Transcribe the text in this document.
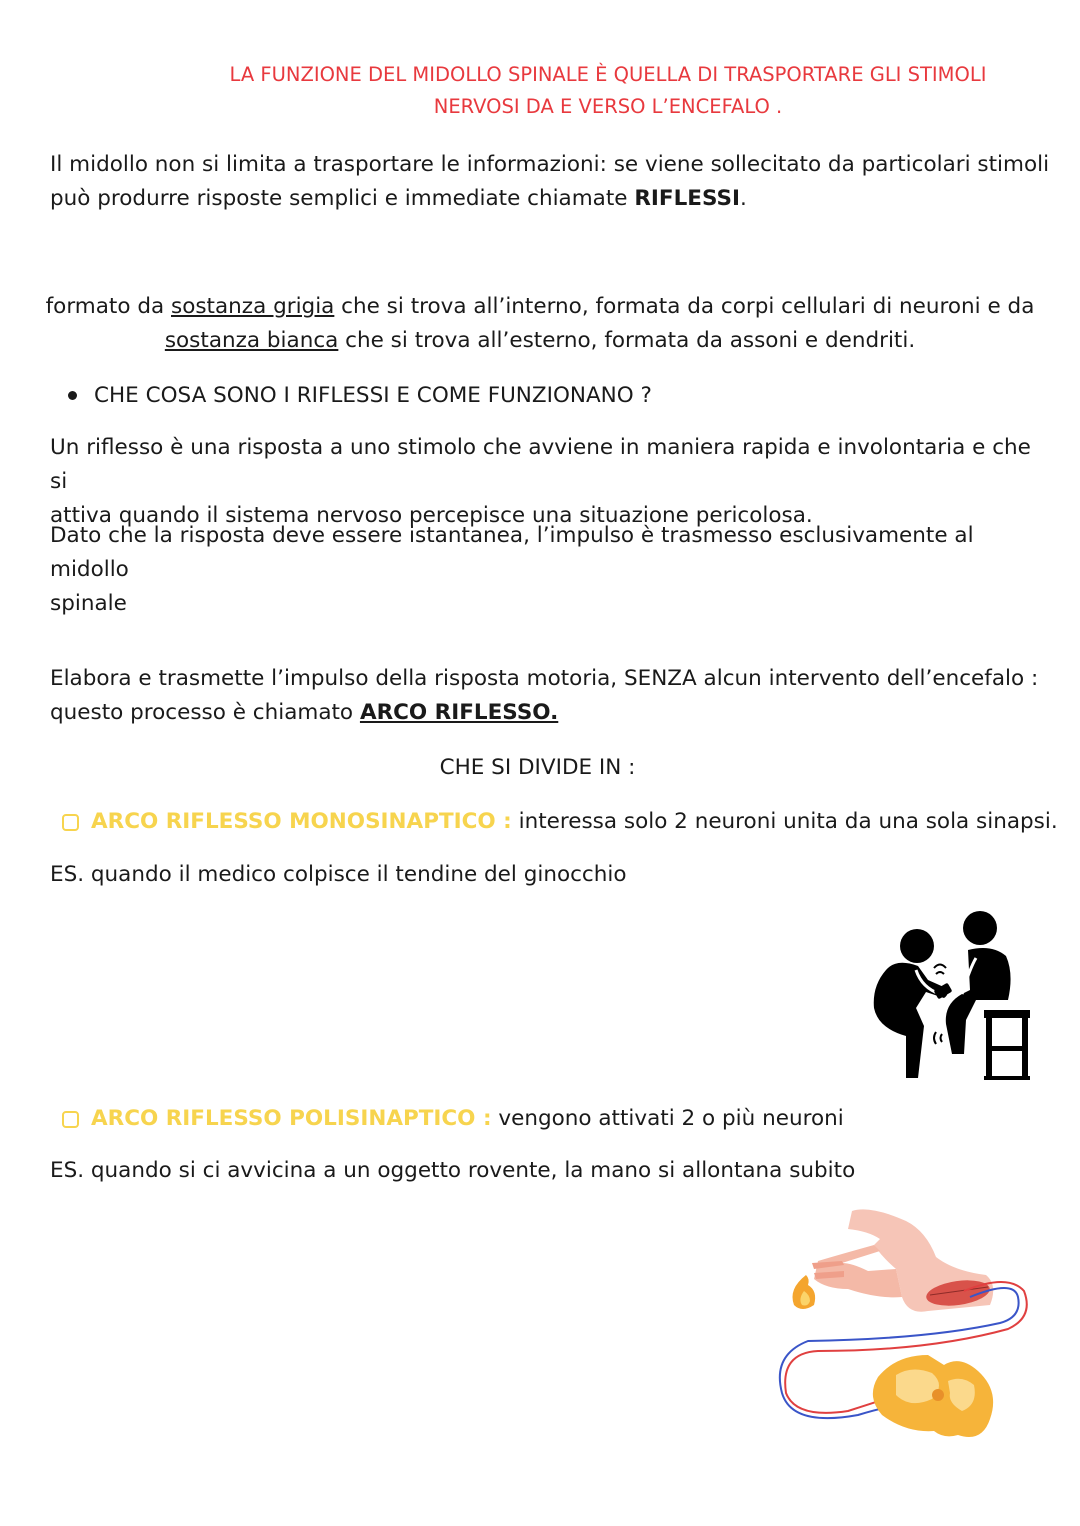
LA FUNZIONE DEL MIDOLLO SPINALE È QUELLA DI TRASPORTARE GLI STIMOLI
NERVOSI DA E VERSO L’ENCEFALO .
Il midollo non si limita a trasportare le informazioni: se viene sollecitato da particolari stimoli
può produrre risposte semplici e immediate chiamate RIFLESSI.
formato da sostanza grigia che si trova all’interno, formata da corpi cellulari di neuroni e da
sostanza bianca che si trova all’esterno, formata da assoni e dendriti.
CHE COSA SONO I RIFLESSI E COME FUNZIONANO ?
Un riflesso è una risposta a uno stimolo che avviene in maniera rapida e involontaria e che si
attiva quando il sistema nervoso percepisce una situazione pericolosa.
Dato che la risposta deve essere istantanea, l’impulso è trasmesso esclusivamente al midollo
spinale
Elabora e trasmette l’impulso della risposta motoria, SENZA alcun intervento dell’encefalo :
questo processo è chiamato ARCO RIFLESSO.
CHE SI DIVIDE IN :
ARCO RIFLESSO MONOSINAPTICO : interessa solo 2 neuroni unita da una sola sinapsi.
ES. quando il medico colpisce il tendine del ginocchio
ARCO RIFLESSO POLISINAPTICO : vengono attivati 2 o più neuroni
ES. quando si ci avvicina a un oggetto rovente, la mano si allontana subito
